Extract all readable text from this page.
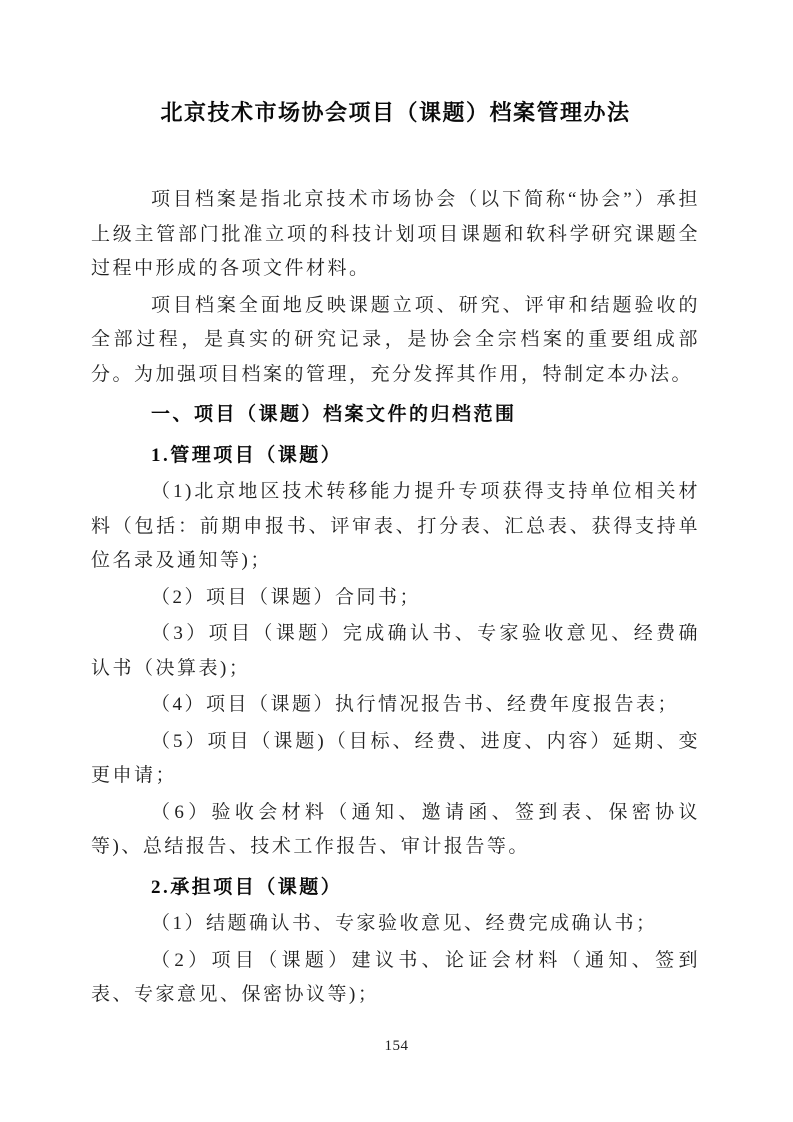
北京技术市场协会项目（课题）档案管理办法

项目档案是指北京技术市场协会（以下简称“协会”）承担上级主管部门批准立项的科技计划项目课题和软科学研究课题全过程中形成的各项文件材料。

项目档案全面地反映课题立项、研究、评审和结题验收的全部过程，是真实的研究记录，是协会全宗档案的重要组成部分。为加强项目档案的管理，充分发挥其作用，特制定本办法。

一、项目（课题）档案文件的归档范围

1.管理项目（课题）

（1)北京地区技术转移能力提升专项获得支持单位相关材料（包括：前期申报书、评审表、打分表、汇总表、获得支持单位名录及通知等)；

（2）项目（课题）合同书；

（3）项目（课题）完成确认书、专家验收意见、经费确认书（决算表)；

（4）项目（课题）执行情况报告书、经费年度报告表；

（5）项目（课题)（目标、经费、进度、内容）延期、变更申请；

（6）验收会材料（通知、邀请函、签到表、保密协议等)、总结报告、技术工作报告、审计报告等。

2.承担项目（课题）

（1）结题确认书、专家验收意见、经费完成确认书；

（2）项目（课题）建议书、论证会材料（通知、签到表、专家意见、保密协议等)；

154
